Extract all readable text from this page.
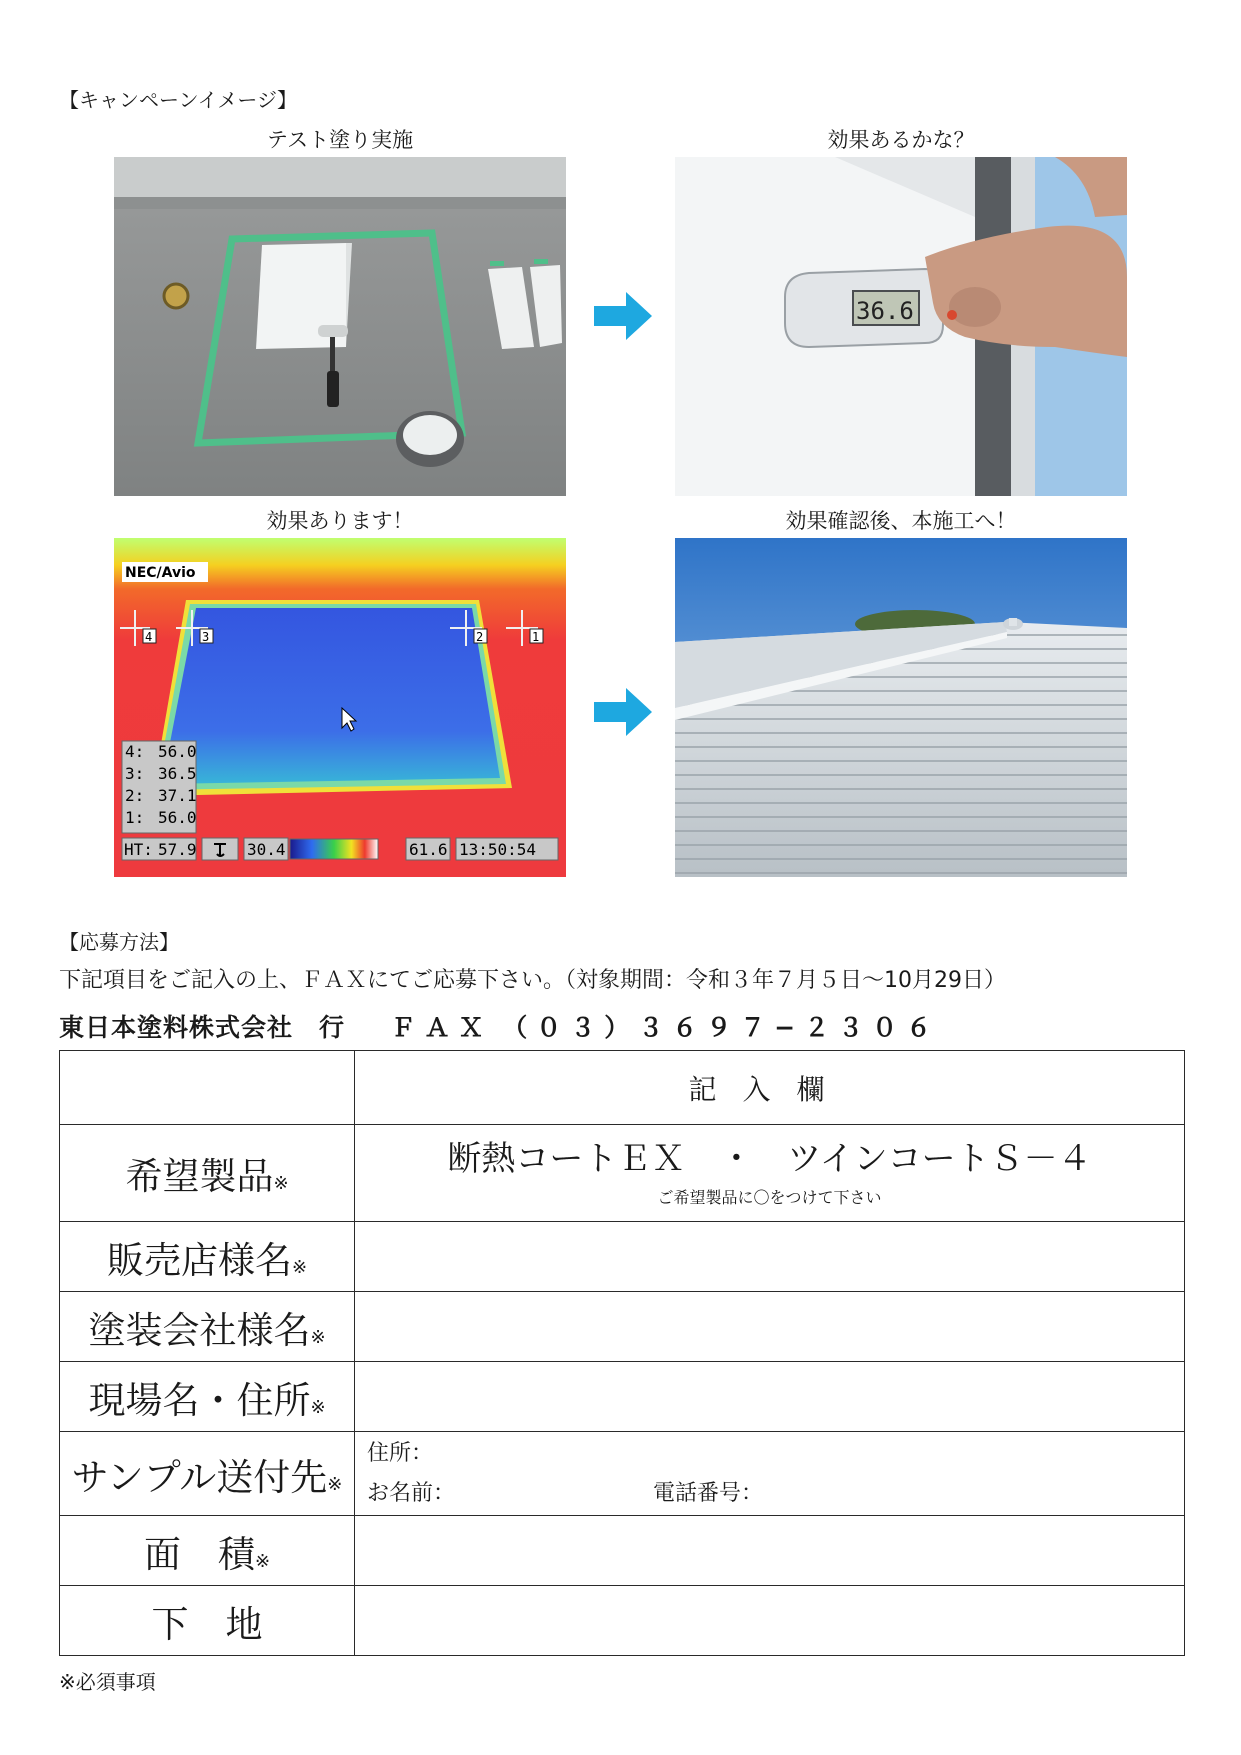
【キャンペーンイメージ】
テスト塗り実施	効果あるかな？
効果あります！	効果確認後、本施工へ！
36.6
NEC/Avio
4	3	2	1
4: 56.0
3: 36.5
2: 37.1
1: 56.0
HT: 57.9	30.4	61.6 13:50:54
【応募方法】
下記項目をご記入の上、ＦＡＸにてご応募下さい。（対象期間：令和３年７月５日〜10月29日）
東日本塗料株式会社　行 ＦＡＸ （０３）３６９７−２３０６
	記入欄
希望製品※	断熱コートＥＸ　・　ツインコートＳ－４
ご希望製品に〇をつけて下さい

販売店様名※	
塗装会社様名※	
現場名・住所※	
サンプル送付先※	住所：
お名前： 電話番号：

面　積※	
下　地	
※必須事項
